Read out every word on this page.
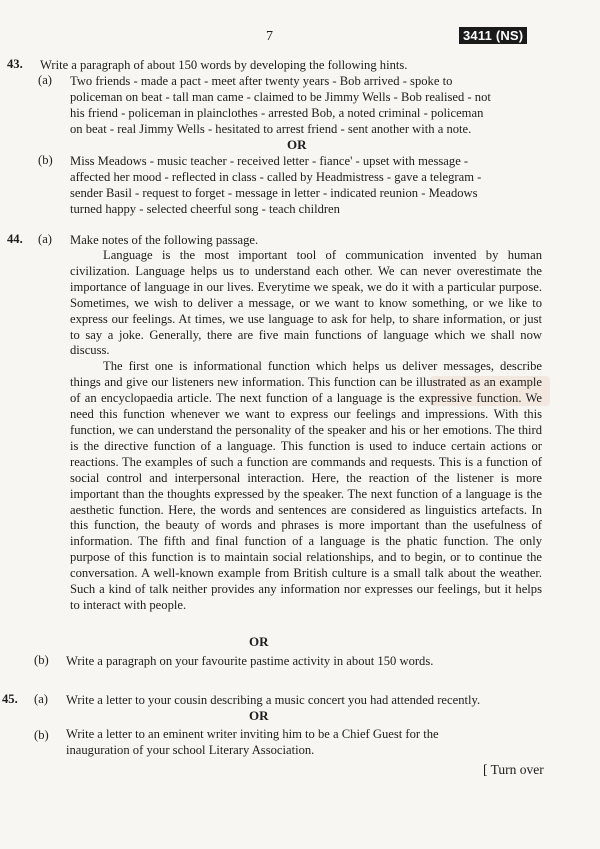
7	3411 (NS)
43. Write a paragraph of about 150 words by developing the following hints.
(a) Two friends - made a pact - meet after twenty years - Bob arrived - spoke to
policeman on beat - tall man came - claimed to be Jimmy Wells - Bob realised - not
his friend - policeman in plainclothes - arrested Bob, a noted criminal - policeman
on beat - real Jimmy Wells - hesitated to arrest friend - sent another with a note.
OR
(b) Miss Meadows - music teacher - received letter - fiance' - upset with message -
affected her mood - reflected in class - called by Headmistress - gave a telegram -
sender Basil - request to forget - message in letter - indicated reunion - Meadows
turned happy - selected cheerful song - teach children
44. (a) Make notes of the following passage.

Language is the most important tool of communication invented by human civilization. Language helps us to understand each other. We can never overestimate the importance of language in our lives. Everytime we speak, we do it with a particular purpose. Sometimes, we wish to deliver a message, or we want to know something, or we like to express our feelings. At times, we use language to ask for help, to share information, or just to say a joke. Generally, there are five main functions of language which we shall now discuss.

The first one is informational function which helps us deliver messages, describe things and give our listeners new information. This function can be illustrated as an example of an encyclopaedia article. The next function of a language is the expressive function. We need this function whenever we want to express our feelings and impressions. With this function, we can understand the personality of the speaker and his or her emotions. The third is the directive function of a language. This function is used to induce certain actions or reactions. The examples of such a function are commands and requests. This is a function of social control and interpersonal interaction. Here, the reaction of the listener is more important than the thoughts expressed by the speaker. The next function of a language is the aesthetic function. Here, the words and sentences are considered as linguistics artefacts. In this function, the beauty of words and phrases is more important than the usefulness of information. The fifth and final function of a language is the phatic function. The only purpose of this function is to maintain social relationships, and to begin, or to continue the conversation. A well-known example from British culture is a small talk about the weather. Such a kind of talk neither provides any information nor expresses our feelings, but it helps to interact with people.

OR
(b) Write a paragraph on your favourite pastime activity in about 150 words.
45. (a) Write a letter to your cousin describing a music concert you had attended recently.
OR
(b) Write a letter to an eminent writer inviting him to be a Chief Guest for the
inauguration of your school Literary Association.
[ Turn over
